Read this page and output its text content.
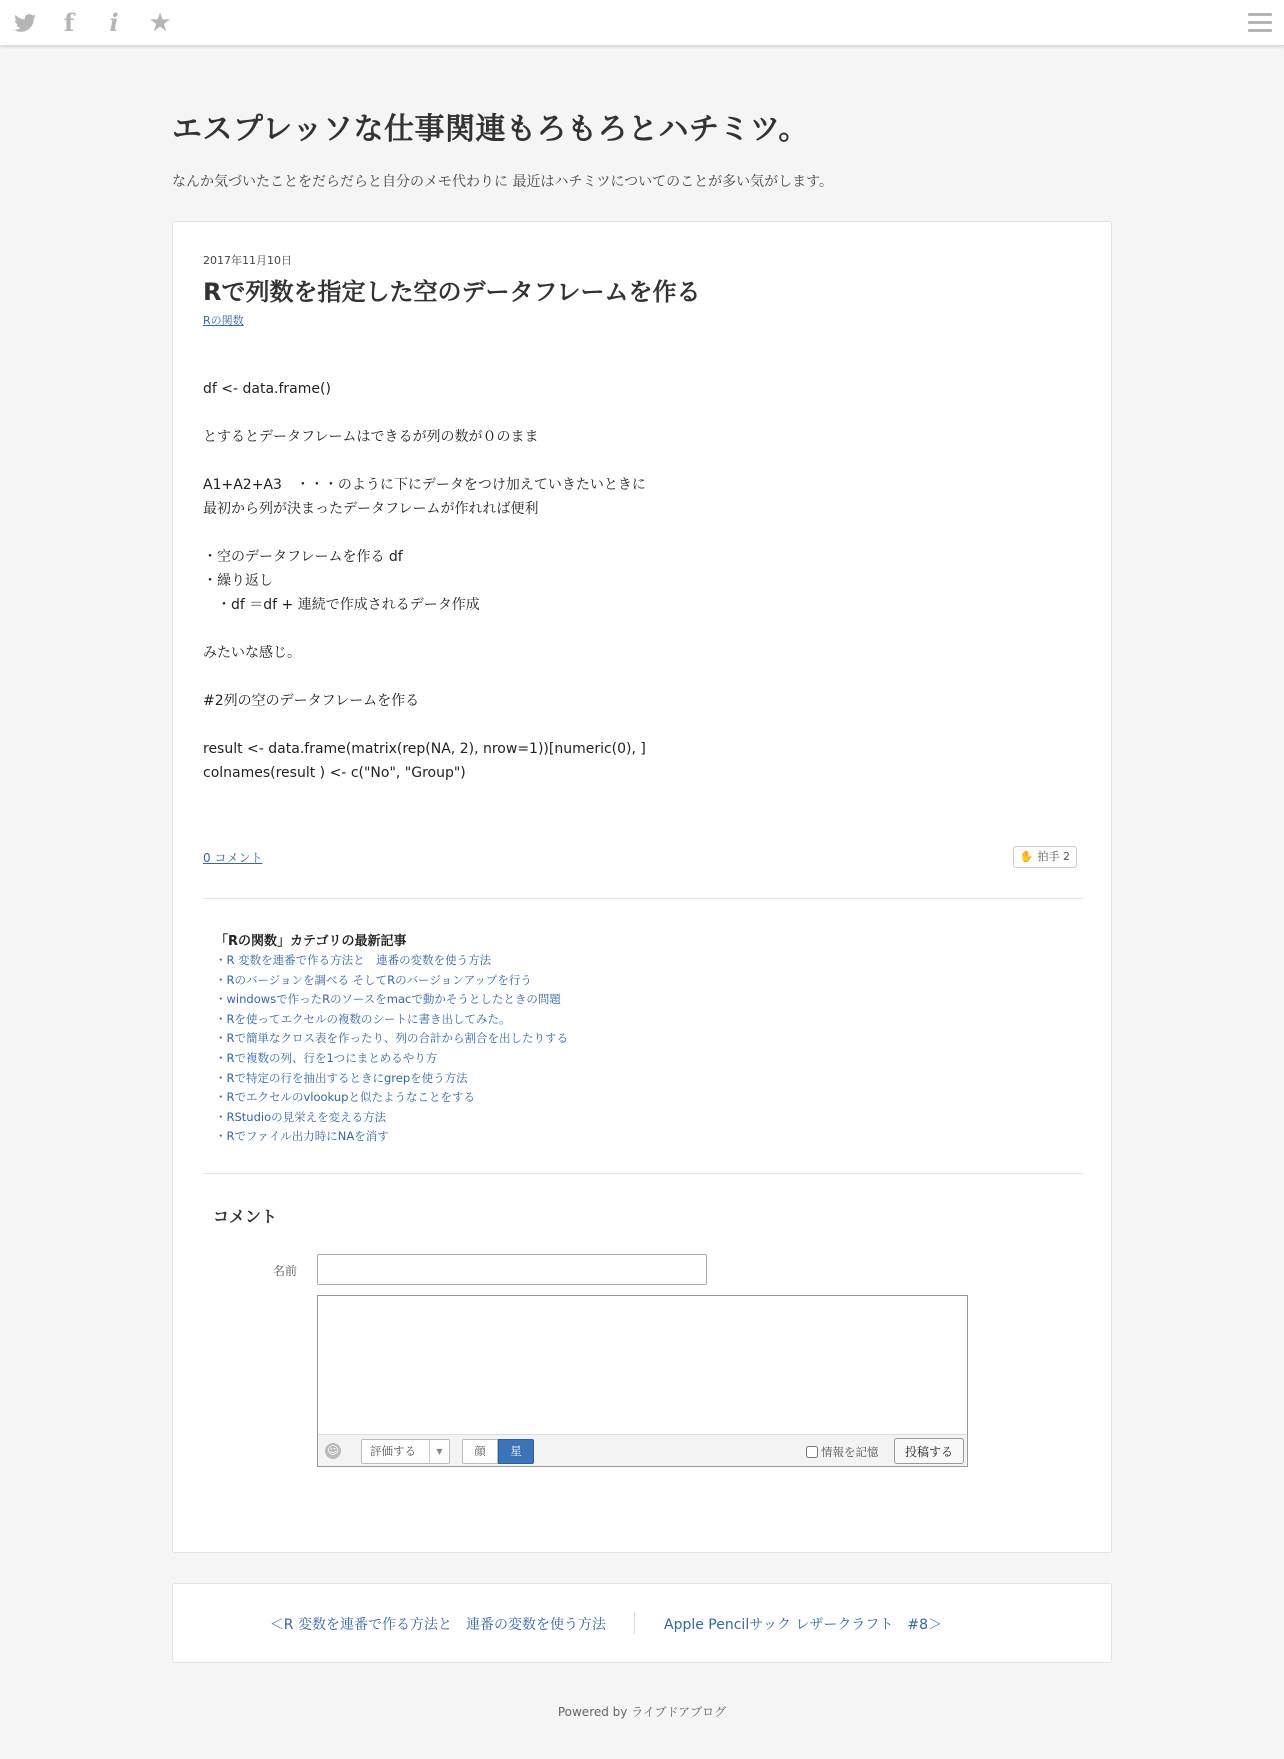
f	i	★
エスプレッソな仕事関連もろもろとハチミツ。
なんか気づいたことをだらだらと自分のメモ代わりに 最近はハチミツについてのことが多い気がします。
2017年11月10日
Rで列数を指定した空のデータフレームを作る
Rの関数

df <- data.frame()

とするとデータフレームはできるが列の数が０のまま

A1+A2+A3　・・・のように下にデータをつけ加えていきたいときに

最初から列が決まったデータフレームが作れれば便利

・空のデータフレームを作る df

・繰り返し

　・df ＝df + 連続で作成されるデータ作成

みたいな感じ。

#2列の空のデータフレームを作る

result <- data.frame(matrix(rep(NA, 2), nrow=1))[numeric(0), ]

colnames(result ) <- c("No", "Group")

0 コメント	✋ 拍手 2
「Rの関数」カテゴリの最新記事
・ R 変数を連番で作る方法と　連番の変数を使う方法
・ Rのバージョンを調べる そしてRのバージョンアップを行う
・ windowsで作ったRのソースをmacで動かそうとしたときの問題
・ Rを使ってエクセルの複数のシートに書き出してみた。
・ Rで簡単なクロス表を作ったり、列の合計から割合を出したりする
・ Rで複数の列、行を1つにまとめるやり方
・ Rで特定の行を抽出するときにgrepを使う方法
・ Rでエクセルのvlookupと似たようなことをする
・ RStudioの見栄えを変える方法
・ Rでファイル出力時にNAを消す
コメント
名前
☺	評価する	▼	顔	星	情報を記憶	投稿する
＜R 変数を連番で作る方法と　連番の変数を使う方法	Apple Pencilサック レザークラフト　#8＞
Powered by ライブドアブログ
